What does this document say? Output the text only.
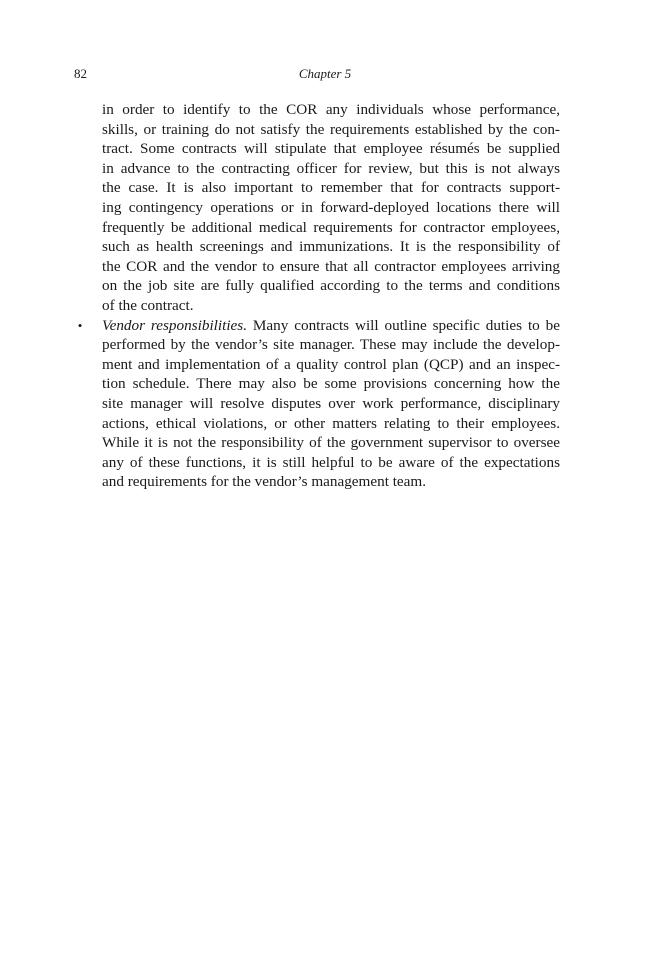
82	Chapter 5
in order to identify to the COR any individuals whose performance,
skills, or training do not satisfy the requirements established by the con-
tract. Some contracts will stipulate that employee résumés be supplied
in advance to the contracting officer for review, but this is not always
the case. It is also important to remember that for contracts support-
ing contingency operations or in forward-deployed locations there will
frequently be additional medical requirements for contractor employees,
such as health screenings and immunizations. It is the responsibility of
the COR and the vendor to ensure that all contractor employees arriving
on the job site are fully qualified according to the terms and conditions
of the contract.
• Vendor responsibilities. Many contracts will outline specific duties to be
performed by the vendor’s site manager. These may include the develop-
ment and implementation of a quality control plan (QCP) and an inspec-
tion schedule. There may also be some provisions concerning how the
site manager will resolve disputes over work performance, disciplinary
actions, ethical violations, or other matters relating to their employees.
While it is not the responsibility of the government supervisor to oversee
any of these functions, it is still helpful to be aware of the expectations
and requirements for the vendor’s management team.
